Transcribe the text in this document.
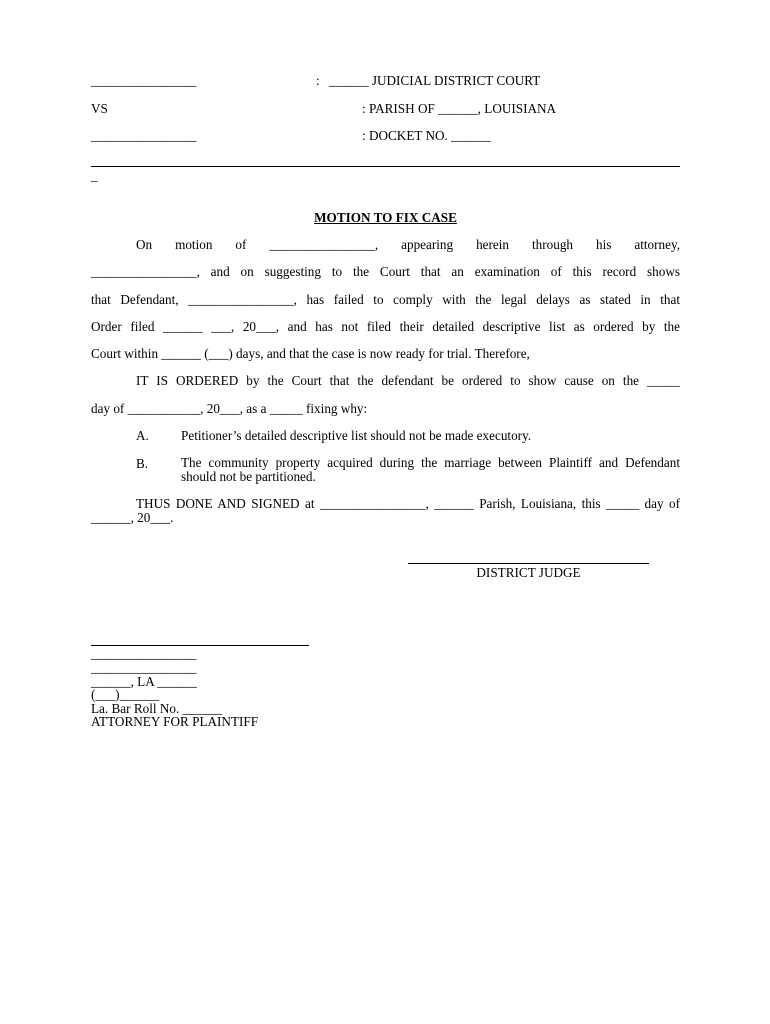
________________	: ______ JUDICIAL DISTRICT COURT
VS	: PARISH OF ______, LOUISIANA
________________	: DOCKET NO. ______
_
MOTION TO FIX CASE
On motion of ________________, appearing herein through his attorney,
________________, and on suggesting to the Court that an examination of this record shows
that Defendant, ________________, has failed to comply with the legal delays as stated in that
Order filed ______ ___, 20___, and has not filed their detailed descriptive list as ordered by the
Court within ______ (___) days, and that the case is now ready for trial. Therefore,
IT IS ORDERED by the Court that the defendant be ordered to show cause on the _____
day of ___________, 20___, as a _____ fixing why:
A. Petitioner’s detailed descriptive list should not be made executory.
B. The community property acquired during the marriage between Plaintiff and Defendant should not be partitioned.
THUS DONE AND SIGNED at ________________, ______ Parish, Louisiana, this _____ day of ______, 20___.
DISTRICT JUDGE
________________
________________
______, LA ______
(___)______
La. Bar Roll No. ______
ATTORNEY FOR PLAINTIFF
